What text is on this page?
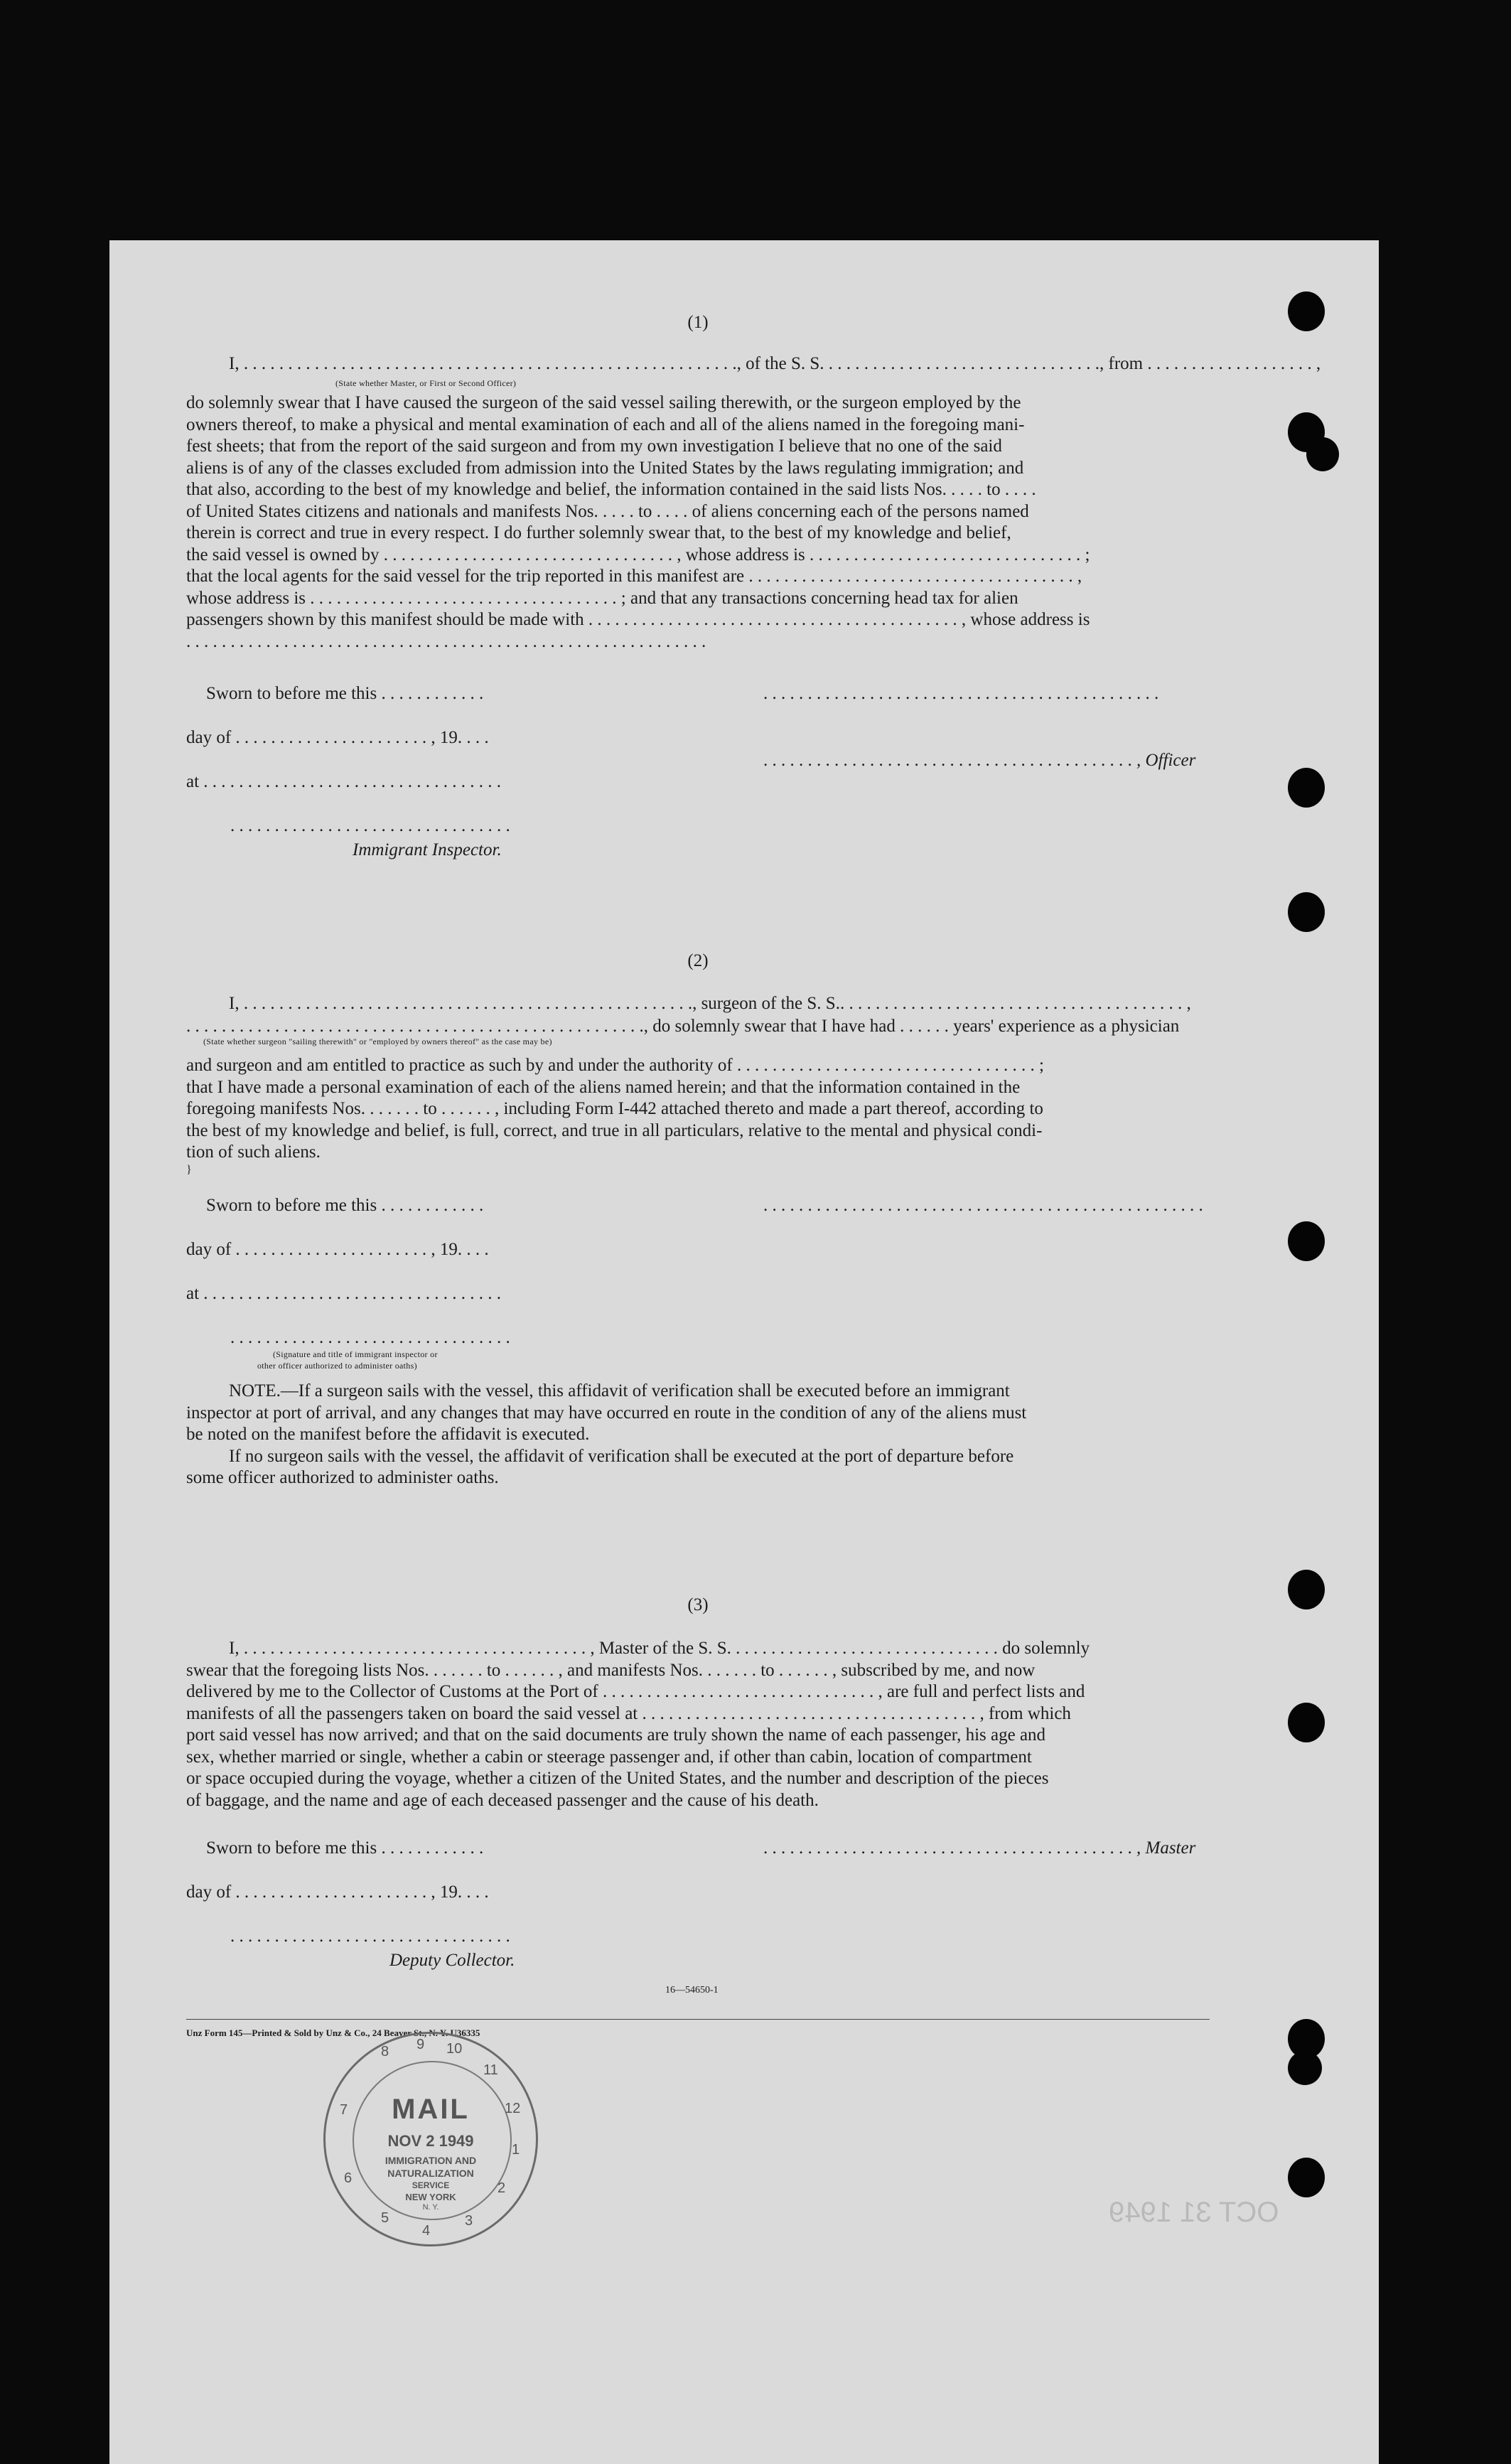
(1)
I, . . . . . . . . . . . . . . . . . . . . . . . . . . . . . . . . . . . . . . . . . . . . . . . . . . . . . . . ., of the S. S. . . . . . . . . . . . . . . . . . . . . . . . . . . . . . . ., from . . . . . . . . . . . . . . . . . . . ,
(State whether Master, or First or Second Officer)

do solemnly swear that I have caused the surgeon of the said vessel sailing therewith, or the surgeon employed by the
owners thereof, to make a physical and mental examination of each and all of the aliens named in the foregoing mani-
fest sheets; that from the report of the said surgeon and from my own investigation I believe that no one of the said
aliens is of any of the classes excluded from admission into the United States by the laws regulating immigration; and
that also, according to the best of my knowledge and belief, the information contained in the said lists Nos. . . . . to . . . .
of United States citizens and nationals and manifests Nos. . . . . to . . . . of aliens concerning each of the persons named
therein is correct and true in every respect. I do further solemnly swear that, to the best of my knowledge and belief,
the said vessel is owned by . . . . . . . . . . . . . . . . . . . . . . . . . . . . . . . . . , whose address is . . . . . . . . . . . . . . . . . . . . . . . . . . . . . . . ;
that the local agents for the said vessel for the trip reported in this manifest are . . . . . . . . . . . . . . . . . . . . . . . . . . . . . . . . . . . . . ,
whose address is . . . . . . . . . . . . . . . . . . . . . . . . . . . . . . . . . . . ; and that any transactions concerning head tax for alien
passengers shown by this manifest should be made with . . . . . . . . . . . . . . . . . . . . . . . . . . . . . . . . . . . . . . . . . . , whose address is
. . . . . . . . . . . . . . . . . . . . . . . . . . . . . . . . . . . . . . . . . . . . . . . . . . . . . . . . . . .

Sworn to before me this . . . . . . . . . . . .	. . . . . . . . . . . . . . . . . . . . . . . . . . . . . . . . . . . . . . . . . . . . .
day of . . . . . . . . . . . . . . . . . . . . . . , 19. . . .
. . . . . . . . . . . . . . . . . . . . . . . . . . . . . . . . . . . . . . . . . . , Officer
at . . . . . . . . . . . . . . . . . . . . . . . . . . . . . . . . . .
. . . . . . . . . . . . . . . . . . . . . . . . . . . . . . . .
Immigrant Inspector.
(2)
I, . . . . . . . . . . . . . . . . . . . . . . . . . . . . . . . . . . . . . . . . . . . . . . . . . . ., surgeon of the S. S.. . . . . . . . . . . . . . . . . . . . . . . . . . . . . . . . . . . . . . . ,
. . . . . . . . . . . . . . . . . . . . . . . . . . . . . . . . . . . . . . . . . . . . . . . . . . . ., do solemnly swear that I have had . . . . . . years' experience as a physician
(State whether surgeon "sailing therewith" or "employed by owners thereof" as the case may be)

and surgeon and am entitled to practice as such by and under the authority of . . . . . . . . . . . . . . . . . . . . . . . . . . . . . . . . . . ;
that I have made a personal examination of each of the aliens named herein; and that the information contained in the
foregoing manifests Nos. . . . . . . to . . . . . . , including Form I-442 attached thereto and made a part thereof, according to
the best of my knowledge and belief, is full, correct, and true in all particulars, relative to the mental and physical condi-
tion of such aliens.

}
Sworn to before me this . . . . . . . . . . . .	. . . . . . . . . . . . . . . . . . . . . . . . . . . . . . . . . . . . . . . . . . . . . . . . . .
day of . . . . . . . . . . . . . . . . . . . . . . , 19. . . .
at . . . . . . . . . . . . . . . . . . . . . . . . . . . . . . . . . .
. . . . . . . . . . . . . . . . . . . . . . . . . . . . . . . .
(Signature and title of immigrant inspector or
other officer authorized to administer oaths)

NOTE.—If a surgeon sails with the vessel, this affidavit of verification shall be executed before an immigrant
inspector at port of arrival, and any changes that may have occurred en route in the condition of any of the aliens must
be noted on the manifest before the affidavit is executed.
If no surgeon sails with the vessel, the affidavit of verification shall be executed at the port of departure before
some officer authorized to administer oaths.

(3)

I, . . . . . . . . . . . . . . . . . . . . . . . . . . . . . . . . . . . . . . . , Master of the S. S. . . . . . . . . . . . . . . . . . . . . . . . . . . . . . . do solemnly
swear that the foregoing lists Nos. . . . . . . to . . . . . . , and manifests Nos. . . . . . . to . . . . . . , subscribed by me, and now
delivered by me to the Collector of Customs at the Port of . . . . . . . . . . . . . . . . . . . . . . . . . . . . . . . , are full and perfect lists and
manifests of all the passengers taken on board the said vessel at . . . . . . . . . . . . . . . . . . . . . . . . . . . . . . . . . . . . . . , from which
port said vessel has now arrived; and that on the said documents are truly shown the name of each passenger, his age and
sex, whether married or single, whether a cabin or steerage passenger and, if other than cabin, location of compartment
or space occupied during the voyage, whether a citizen of the United States, and the number and description of the pieces
of baggage, and the name and age of each deceased passenger and the cause of his death.

Sworn to before me this . . . . . . . . . . . .	. . . . . . . . . . . . . . . . . . . . . . . . . . . . . . . . . . . . . . . . . . , Master
day of . . . . . . . . . . . . . . . . . . . . . . , 19. . . .
. . . . . . . . . . . . . . . . . . . . . . . . . . . . . . . .
Deputy Collector.
16—54650-1
Unz Form 145—Printed & Sold by Unz & Co., 24 Beaver St., N. Y. U36335
MAIL
NOV 2 1949
IMMIGRATION AND
NATURALIZATION
SERVICE
NEW YORK
N. Y.
8 9 10
11
12
1
2
3
4
5
6
7
OCT 31 1949
